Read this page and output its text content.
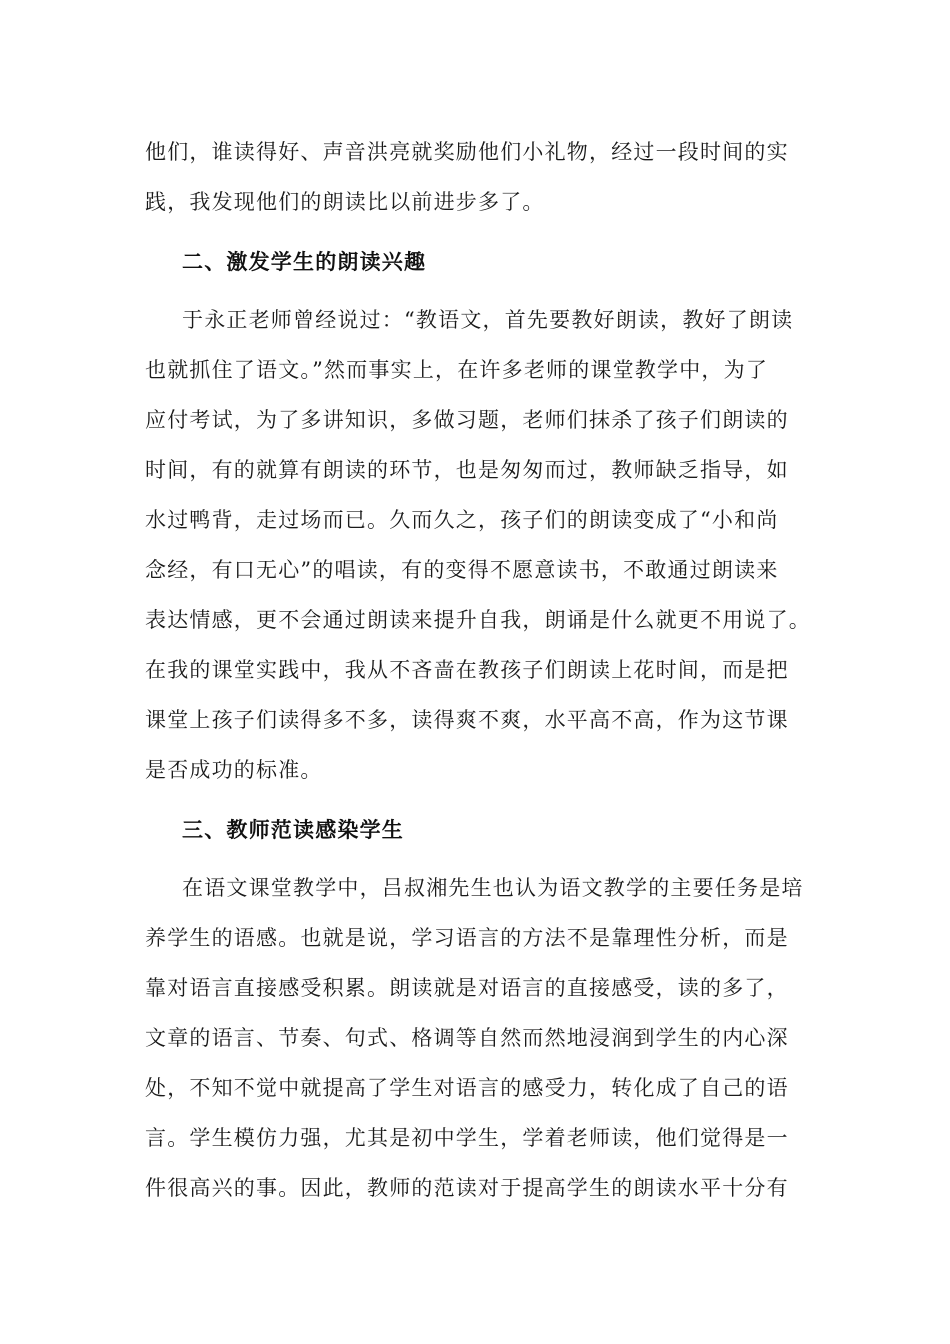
他们，谁读得好、声音洪亮就奖励他们小礼物，经过一段时间的实
践，我发现他们的朗读比以前进步多了。
二、激发学生的朗读兴趣
于永正老师曾经说过：“教语文，首先要教好朗读，教好了朗读
也就抓住了语文。”然而事实上，在许多老师的课堂教学中，为了
应付考试，为了多讲知识，多做习题，老师们抹杀了孩子们朗读的
时间，有的就算有朗读的环节，也是匆匆而过，教师缺乏指导，如
水过鸭背，走过场而已。久而久之，孩子们的朗读变成了“小和尚
念经，有口无心”的唱读，有的变得不愿意读书，不敢通过朗读来
表达情感，更不会通过朗读来提升自我，朗诵是什么就更不用说了。
在我的课堂实践中，我从不吝啬在教孩子们朗读上花时间，而是把
课堂上孩子们读得多不多，读得爽不爽，水平高不高，作为这节课
是否成功的标准。
三、教师范读感染学生
在语文课堂教学中，吕叔湘先生也认为语文教学的主要任务是培
养学生的语感。也就是说，学习语言的方法不是靠理性分析，而是
靠对语言直接感受积累。朗读就是对语言的直接感受，读的多了，
文章的语言、节奏、句式、格调等自然而然地浸润到学生的内心深
处，不知不觉中就提高了学生对语言的感受力，转化成了自己的语
言。学生模仿力强，尤其是初中学生，学着老师读，他们觉得是一
件很高兴的事。因此，教师的范读对于提高学生的朗读水平十分有
